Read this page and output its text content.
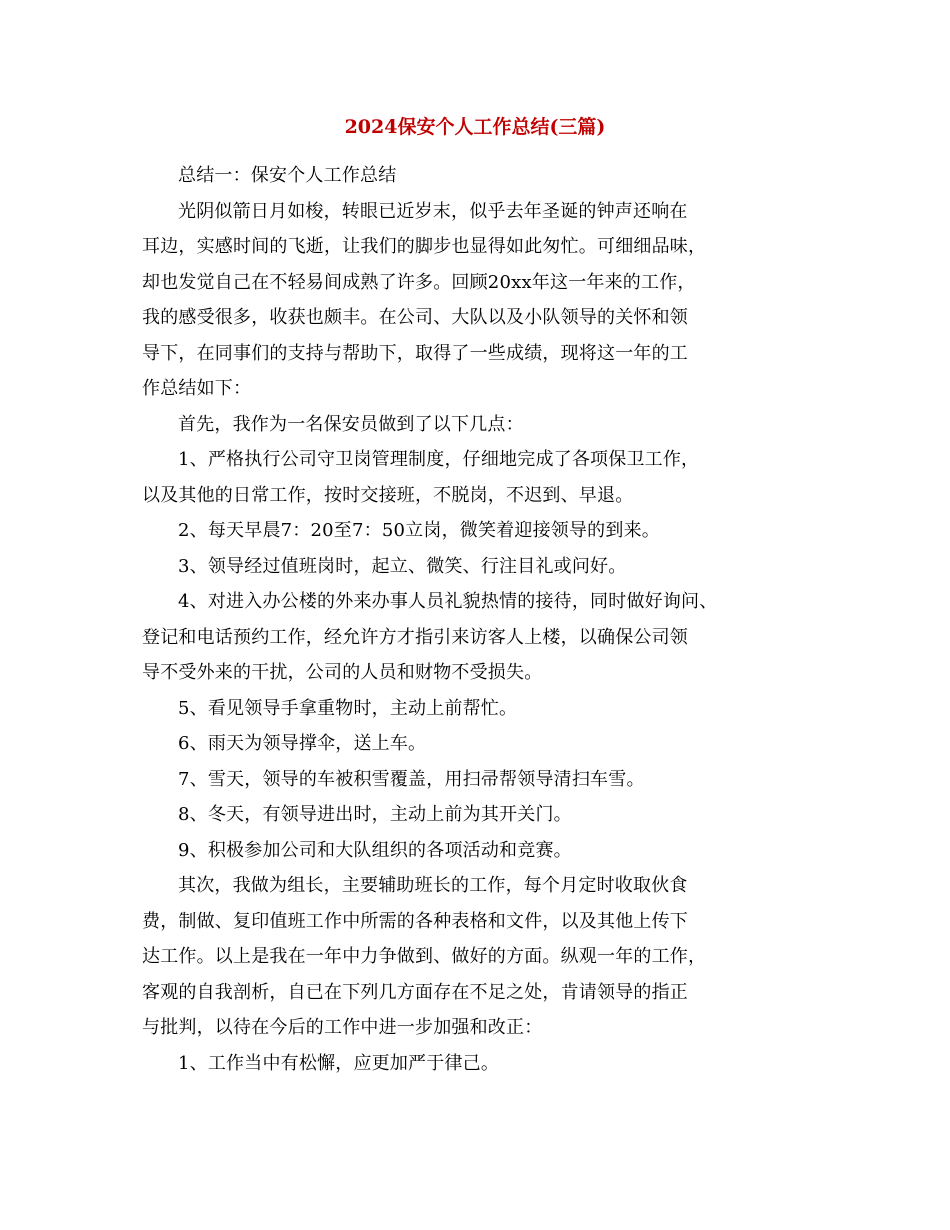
2024保安个人工作总结(三篇)
总结一：保安个人工作总结
光阴似箭日月如梭，转眼已近岁末，似乎去年圣诞的钟声还响在
耳边，实感时间的飞逝，让我们的脚步也显得如此匆忙。可细细品味，
却也发觉自己在不轻易间成熟了许多。回顾20xx年这一年来的工作，
我的感受很多，收获也颇丰。在公司、大队以及小队领导的关怀和领
导下，在同事们的支持与帮助下，取得了一些成绩，现将这一年的工
作总结如下：
首先，我作为一名保安员做到了以下几点：
1、严格执行公司守卫岗管理制度，仔细地完成了各项保卫工作，
以及其他的日常工作，按时交接班，不脱岗，不迟到、早退。
2、每天早晨7：20至7：50立岗，微笑着迎接领导的到来。
3、领导经过值班岗时，起立、微笑、行注目礼或问好。
4、对进入办公楼的外来办事人员礼貌热情的接待，同时做好询问、
登记和电话预约工作，经允许方才指引来访客人上楼，以确保公司领
导不受外来的干扰，公司的人员和财物不受损失。
5、看见领导手拿重物时，主动上前帮忙。
6、雨天为领导撑伞，送上车。
7、雪天，领导的车被积雪覆盖，用扫帚帮领导清扫车雪。
8、冬天，有领导进出时，主动上前为其开关门。
9、积极参加公司和大队组织的各项活动和竞赛。
其次，我做为组长，主要辅助班长的工作，每个月定时收取伙食
费，制做、复印值班工作中所需的各种表格和文件，以及其他上传下
达工作。以上是我在一年中力争做到、做好的方面。纵观一年的工作，
客观的自我剖析，自已在下列几方面存在不足之处，肯请领导的指正
与批判，以待在今后的工作中进一步加强和改正：
1、工作当中有松懈，应更加严于律己。
